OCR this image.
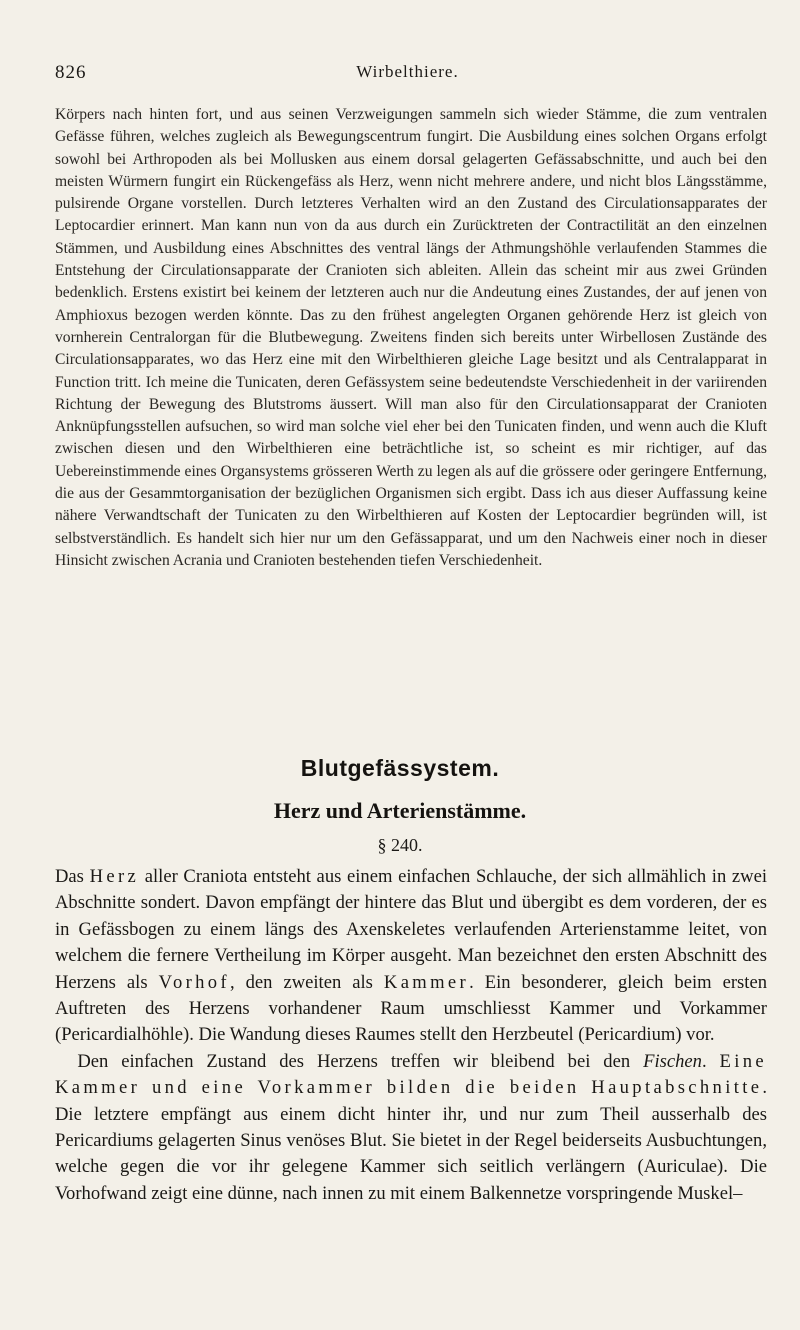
826	Wirbelthiere.

Körpers nach hinten fort, und aus seinen Verzweigungen sammeln sich wieder Stämme, die zum ventralen Gefässe führen, welches zugleich als Bewegungscentrum fungirt. Die Ausbildung eines solchen Organs erfolgt sowohl bei Arthropoden als bei Mollusken aus einem dorsal gelagerten Gefässabschnitte, und auch bei den meisten Würmern fungirt ein Rückengefäss als Herz, wenn nicht mehrere andere, und nicht blos Längsstämme, pulsirende Organe vorstellen. Durch letzteres Verhalten wird an den Zustand des Circulationsapparates der Leptocardier erinnert. Man kann nun von da aus durch ein Zurücktreten der Contractilität an den einzelnen Stämmen, und Ausbildung eines Abschnittes des ventral längs der Athmungshöhle verlaufenden Stammes die Entstehung der Circulationsapparate der Cranioten sich ableiten. Allein das scheint mir aus zwei Gründen bedenklich. Erstens existirt bei keinem der letzteren auch nur die Andeutung eines Zustandes, der auf jenen von Amphioxus bezogen werden könnte. Das zu den frühest angelegten Organen gehörende Herz ist gleich von vornherein Centralorgan für die Blutbewegung. Zweitens finden sich bereits unter Wirbellosen Zustände des Circulationsapparates, wo das Herz eine mit den Wirbelthieren gleiche Lage besitzt und als Centralapparat in Function tritt. Ich meine die Tunicaten, deren Gefässystem seine bedeutendste Verschiedenheit in der variirenden Richtung der Bewegung des Blutstroms äussert. Will man also für den Circulationsapparat der Cranioten Anknüpfungsstellen aufsuchen, so wird man solche viel eher bei den Tunicaten finden, und wenn auch die Kluft zwischen diesen und den Wirbelthieren eine beträchtliche ist, so scheint es mir richtiger, auf das Uebereinstimmende eines Organsystems grösseren Werth zu legen als auf die grössere oder geringere Entfernung, die aus der Gesammtorganisation der bezüglichen Organismen sich ergibt. Dass ich aus dieser Auffassung keine nähere Verwandtschaft der Tunicaten zu den Wirbelthieren auf Kosten der Leptocardier begründen will, ist selbstverständlich. Es handelt sich hier nur um den Gefässapparat, und um den Nachweis einer noch in dieser Hinsicht zwischen Acrania und Cranioten bestehenden tiefen Verschiedenheit.

Blutgefässystem.
Herz und Arterienstämme.
§ 240.

Das Herz aller Craniota entsteht aus einem einfachen Schlauche, der sich allmählich in zwei Abschnitte sondert. Davon empfängt der hintere das Blut und übergibt es dem vorderen, der es in Gefässbogen zu einem längs des Axenskeletes verlaufenden Arterienstamme leitet, von welchem die fernere Vertheilung im Körper ausgeht. Man bezeichnet den ersten Abschnitt des Herzens als Vorhof, den zweiten als Kammer. Ein besonderer, gleich beim ersten Auftreten des Herzens vorhandener Raum umschliesst Kammer und Vorkammer (Pericardialhöhle). Die Wandung dieses Raumes stellt den Herzbeutel (Pericardium) vor.

Den einfachen Zustand des Herzens treffen wir bleibend bei den Fischen. Eine Kammer und eine Vorkammer bilden die beiden Hauptabschnitte. Die letztere empfängt aus einem dicht hinter ihr, und nur zum Theil ausserhalb des Pericardiums gelagerten Sinus venöses Blut. Sie bietet in der Regel beiderseits Ausbuchtungen, welche gegen die vor ihr gelegene Kammer sich seitlich verlängern (Auriculae). Die Vorhofwand zeigt eine dünne, nach innen zu mit einem Balkennetze vorspringende Muskel–
